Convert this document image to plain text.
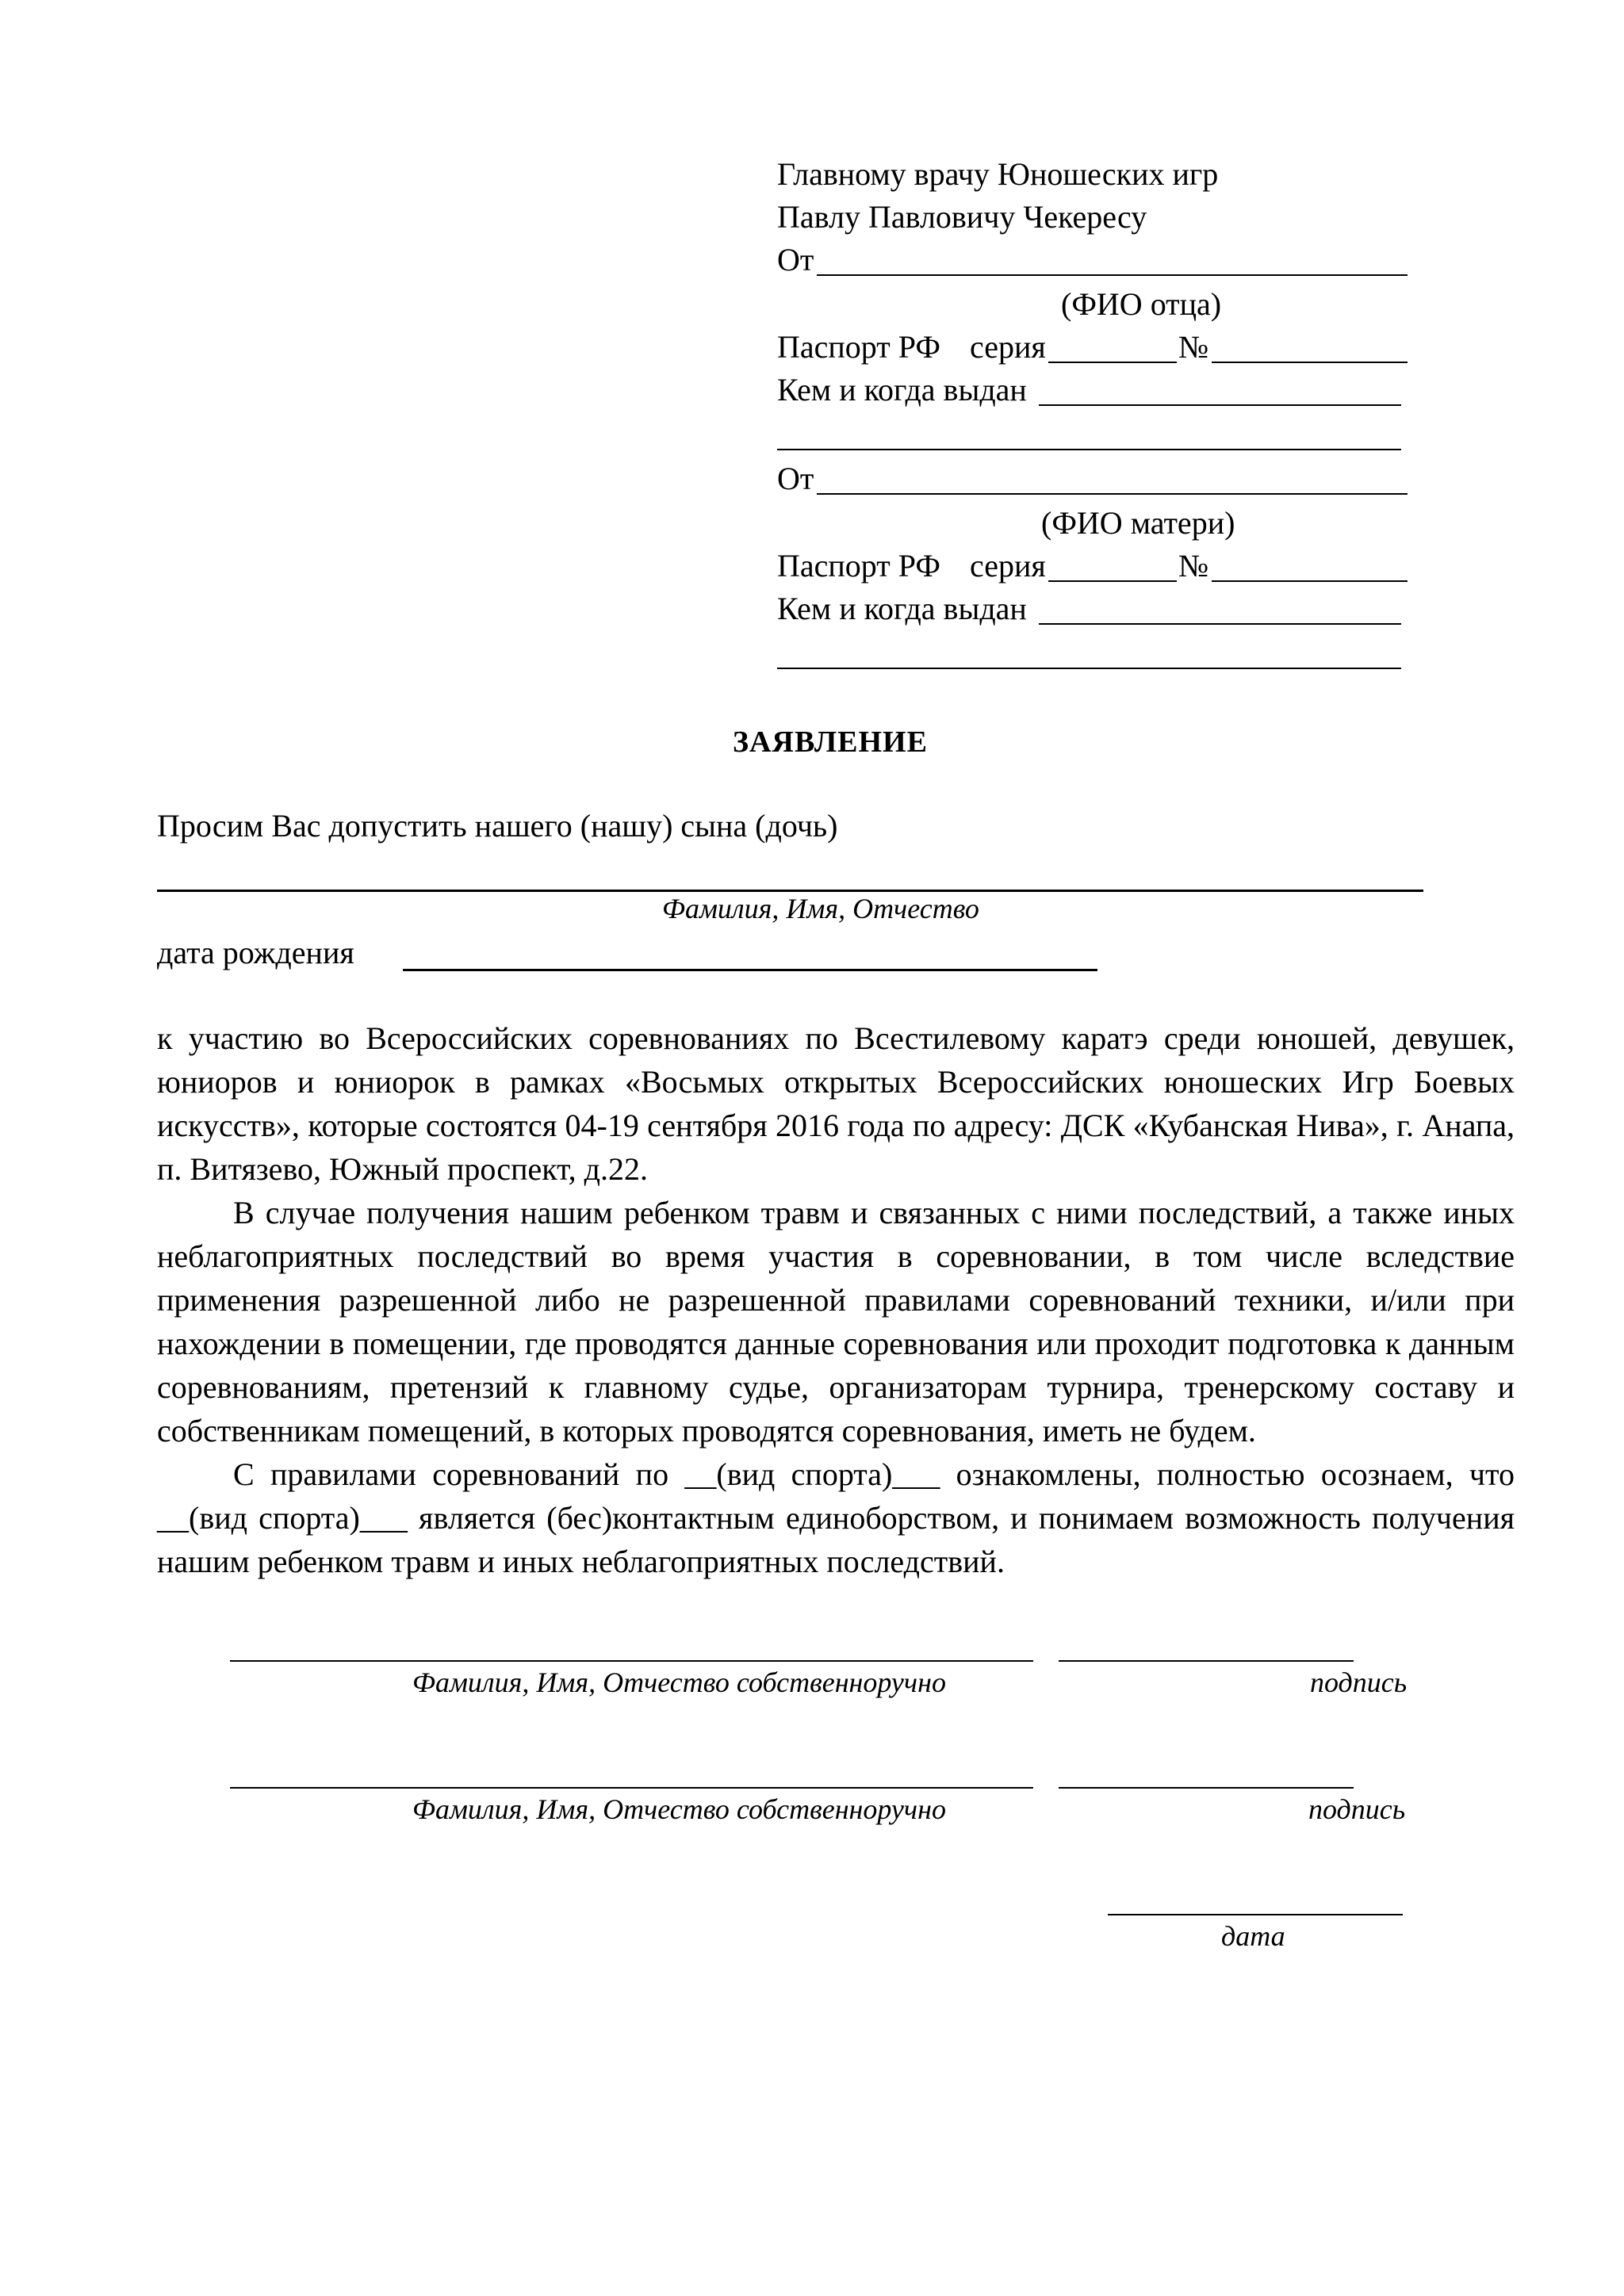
Главному врачу Юношеских игр
Павлу Павловичу Чекересу
От
(ФИО отца)
Паспорт РФ серия	№
Кем и когда выдан
От
(ФИО матери)
Паспорт РФ серия	№
Кем и когда выдан
ЗАЯВЛЕНИЕ
Просим Вас допустить нашего (нашу) сына (дочь)
Фамилия, Имя, Отчество
дата рождения
к участию во Всероссийских соревнованиях по Всестилевому каратэ среди юношей, девушек, юниоров и юниорок в рамках «Восьмых открытых Всероссийских юношеских Игр Боевых искусств», которые состоятся 04-19 сентября 2016 года по адресу: ДСК «Кубанская Нива», г. Анапа, п. Витязево, Южный проспект, д.22.
В случае получения нашим ребенком травм и связанных с ними последствий, а также иных неблагоприятных последствий во время участия в соревновании, в том числе вследствие применения разрешенной либо не разрешенной правилами соревнований техники, и/или при нахождении в помещении, где проводятся данные соревнования или проходит подготовка к данным соревнованиям, претензий к главному судье, организаторам турнира, тренерскому составу и собственникам помещений, в которых проводятся соревнования, иметь не будем.
С правилами соревнований по __(вид спорта)___ ознакомлены, полностью осознаем, что __(вид спорта)___ является (бес)контактным единоборством, и понимаем возможность получения нашим ребенком травм и иных неблагоприятных последствий.
Фамилия, Имя, Отчество собственноручно	подпись
Фамилия, Имя, Отчество собственноручно	подпись
дата
